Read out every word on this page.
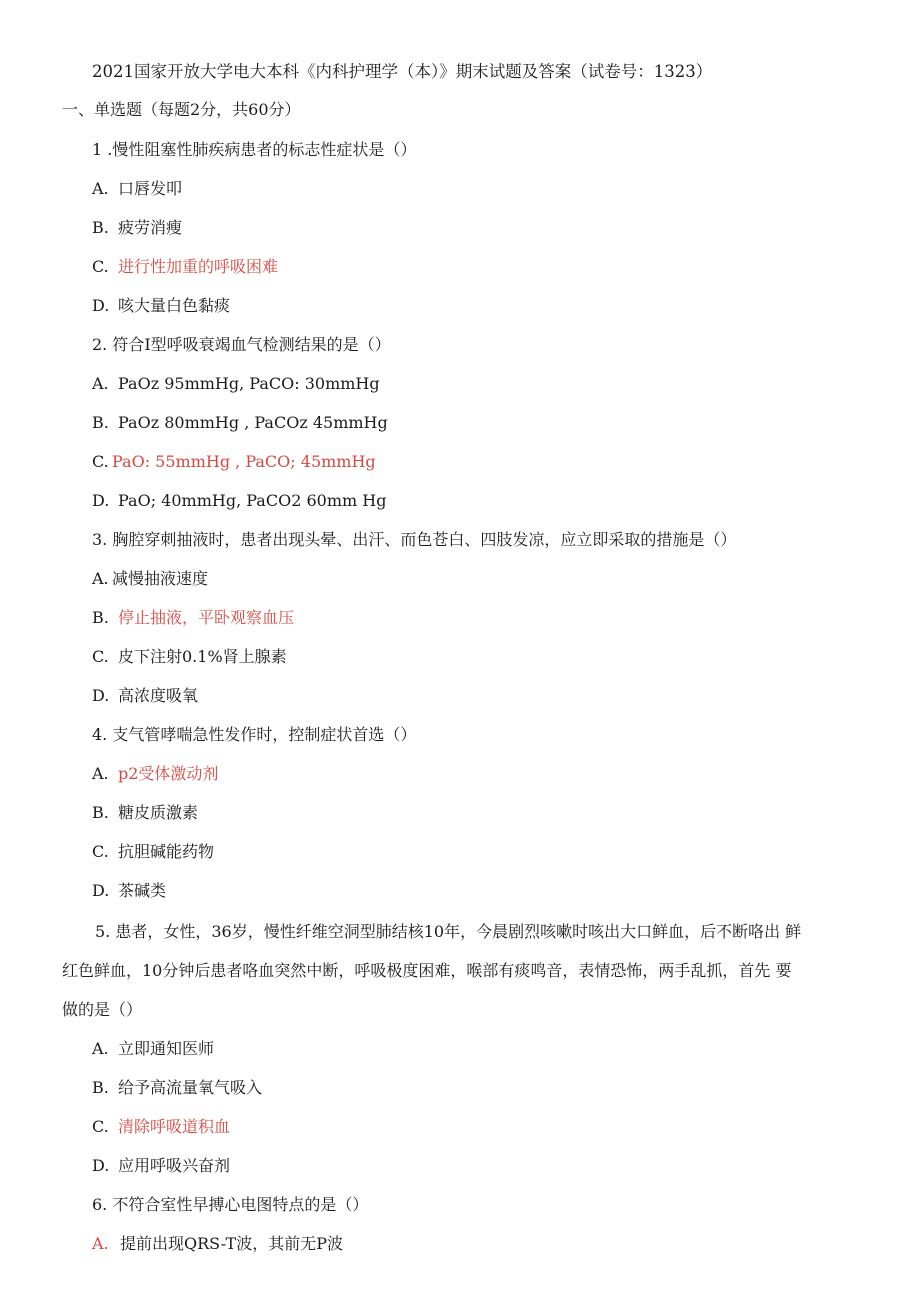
2021国家开放大学电大本科《内科护理学（本）》期末试题及答案（试卷号：1323）
一、单选题（每题2分，共60分）
1 .慢性阻塞性肺疾病患者的标志性症状是（）
A. 口唇发叩
B. 疲劳消瘦
C. 进行性加重的呼吸困难
D. 咳大量白色黏痰
2. 符合I型呼吸衰竭血气检测结果的是（）
A. PaOz 95mmHg, PaCO: 30mmHg
B. PaOz 80mmHg , PaCOz 45mmHg
C. PaO: 55mmHg , PaCO; 45mmHg
D. PaO; 40mmHg, PaCO2 60mm Hg
3. 胸腔穿刺抽液时，患者出现头晕、出汗、而色苍白、四肢发凉，应立即采取的措施是（）
A. 减慢抽液速度
B. 停止抽液，平卧观察血压
C. 皮下注射0.1%肾上腺素
D. 高浓度吸氧
4. 支气管哮喘急性发作时，控制症状首选（）
A. p2受体激动剂
B. 糖皮质激素
C. 抗胆碱能药物
D. 茶碱类
5. 患者，女性，36岁，慢性纤维空洞型肺结核10年，今晨剧烈咳嗽时咳出大口鲜血，后不断咯出 鲜
红色鲜血，10分钟后患者咯血突然中断，呼吸极度困难，喉部有痰鸣音，表情恐怖，两手乱抓，首先 要
做的是（）
A. 立即通知医师
B. 给予高流量氧气吸入
C. 清除呼吸道积血
D. 应用呼吸兴奋剂
6. 不符合室性早搏心电图特点的是（）
A. 提前出现QRS-T波，其前无P波
